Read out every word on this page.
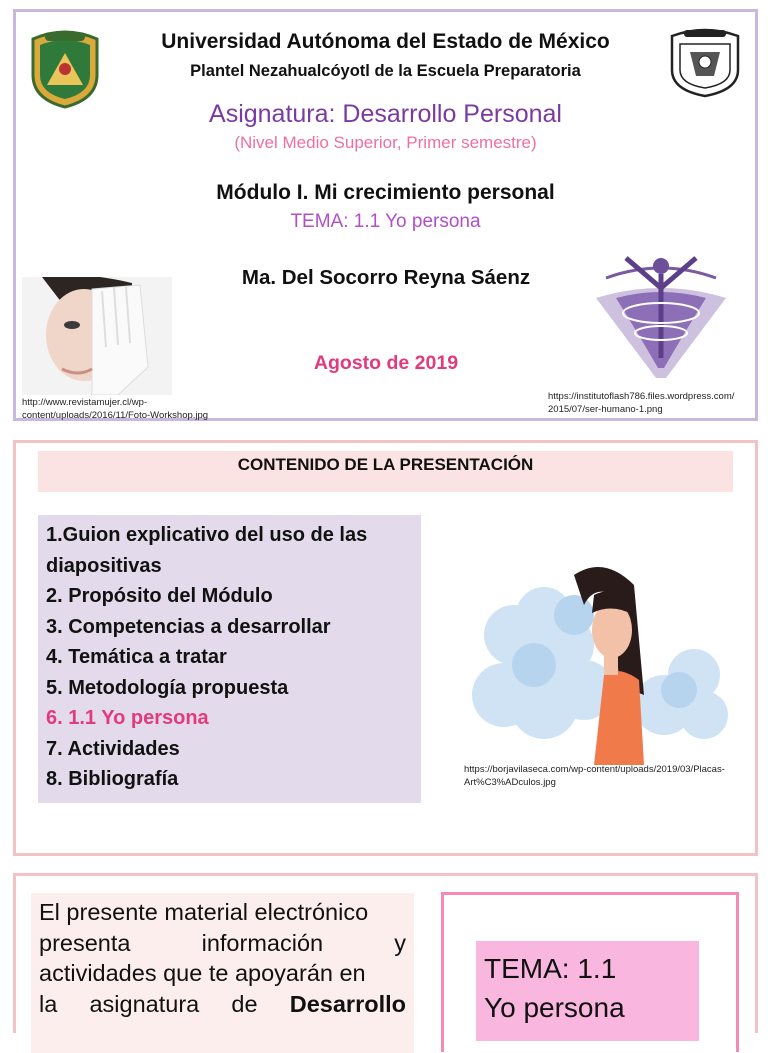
Universidad Autónoma del Estado de México
Plantel Nezahualcóyotl de la Escuela Preparatoria
Asignatura: Desarrollo Personal
(Nivel Medio Superior, Primer semestre)
Módulo I. Mi crecimiento personal
TEMA: 1.1 Yo persona
Ma. Del Socorro Reyna Sáenz
Agosto de 2019
http://www.revistamujer.cl/wp-
content/uploads/2016/11/Foto-Workshop.jpg
https://institutoflash786.files.wordpress.com/
2015/07/ser-humano-1.png
CONTENIDO DE LA PRESENTACIÓN
1.Guion explicativo del uso de las
diapositivas
2. Propósito del Módulo
3. Competencias a desarrollar
4. Temática a tratar
5. Metodología propuesta
6. 1.1 Yo persona
7. Actividades
8. Bibliografía	https://borjavilaseca.com/wp-content/uploads/2019/03/Placas-
Art%C3%ADculos.jpg
El presente material electrónico
presenta información y
actividades que te apoyarán en
la asignatura de Desarrollo
TEMA: 1.1
Yo persona
